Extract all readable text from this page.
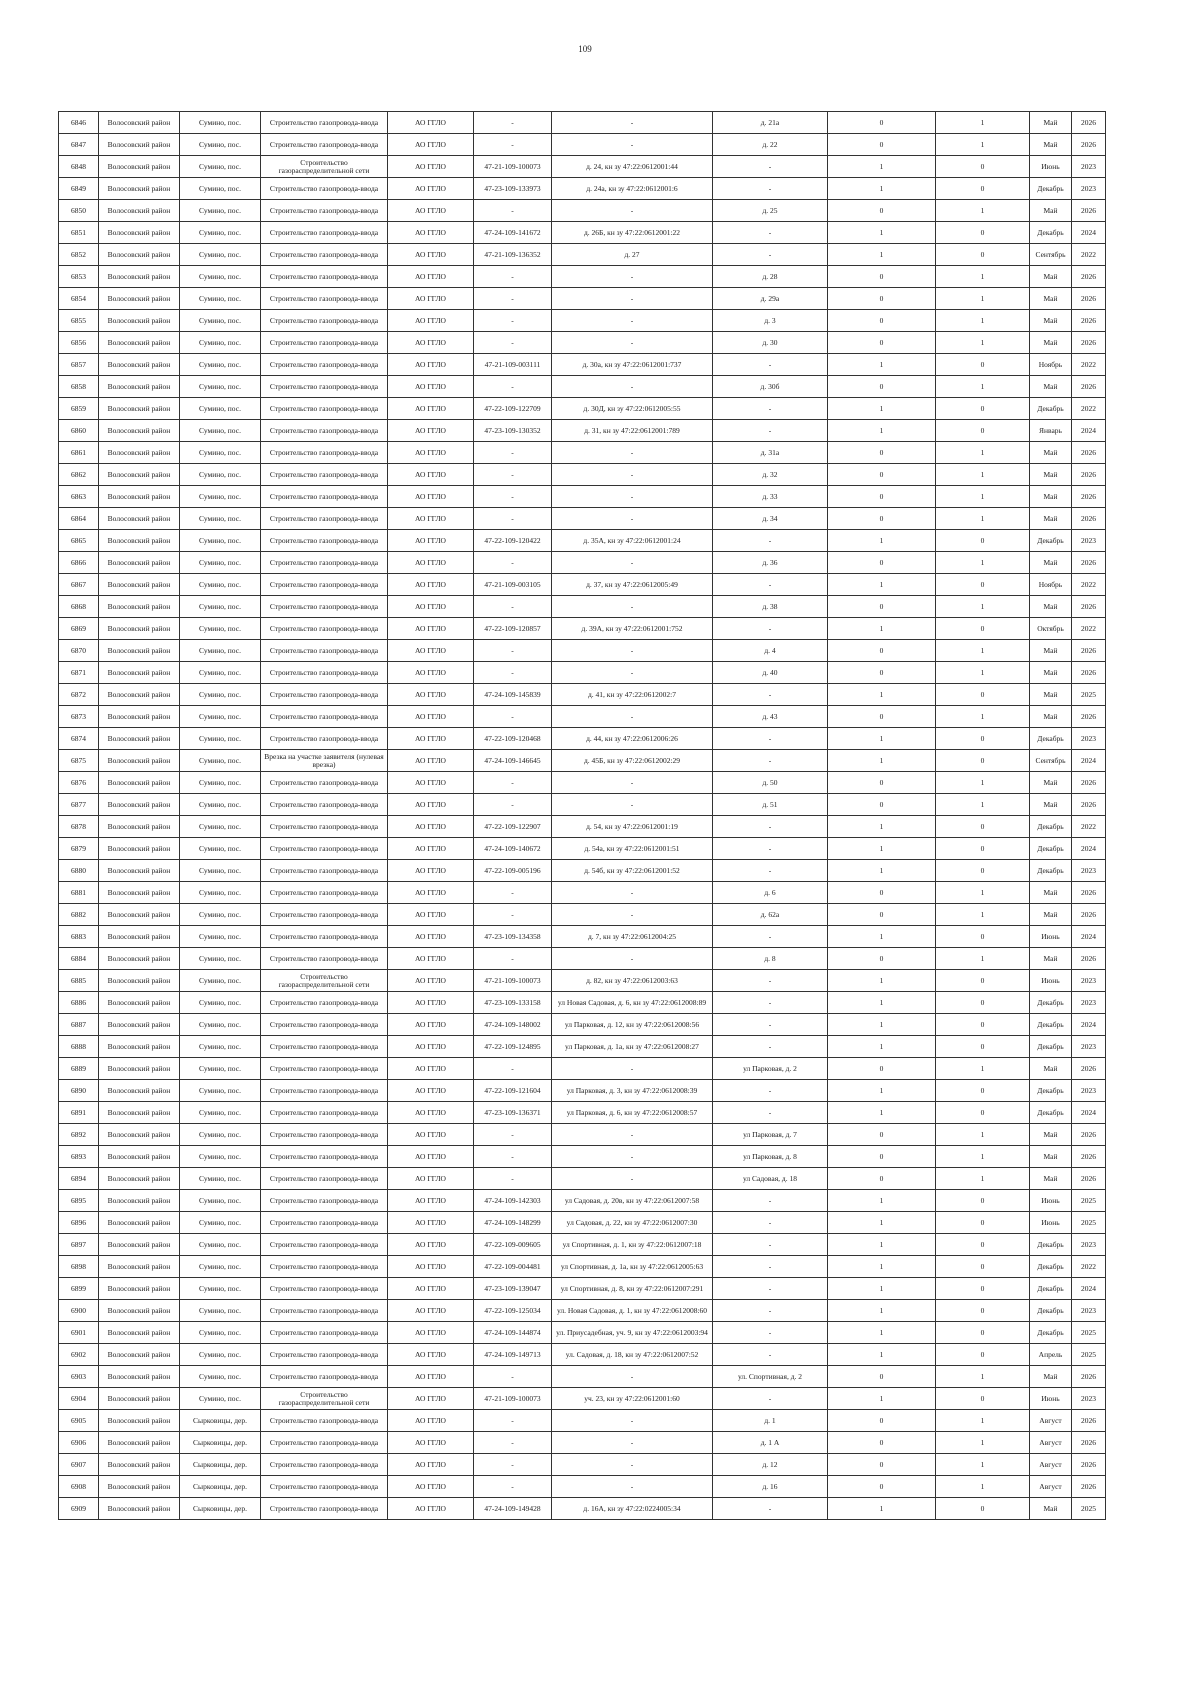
109
6846	Волосовский район	Сумино, пос.	Строительство газопровода-ввода	АО ГГЛО	-	-	д. 21а	0	1	Май	2026
6847	Волосовский район	Сумино, пос.	Строительство газопровода-ввода	АО ГГЛО	-	-	д. 22	0	1	Май	2026
6848	Волосовский район	Сумино, пос.	Строительство газораспределительной сети	АО ГГЛО	47-21-109-100073	д. 24, кн зу 47:22:0612001:44	-	1	0	Июнь	2023
6849	Волосовский район	Сумино, пос.	Строительство газопровода-ввода	АО ГГЛО	47-23-109-133973	д. 24а, кн зу 47:22:0612001:6	-	1	0	Декабрь	2023
6850	Волосовский район	Сумино, пос.	Строительство газопровода-ввода	АО ГГЛО	-	-	д. 25	0	1	Май	2026
6851	Волосовский район	Сумино, пос.	Строительство газопровода-ввода	АО ГГЛО	47-24-109-141672	д. 26Б, кн зу 47:22:0612001:22	-	1	0	Декабрь	2024
6852	Волосовский район	Сумино, пос.	Строительство газопровода-ввода	АО ГГЛО	47-21-109-136352	д. 27	-	1	0	Сентябрь	2022
6853	Волосовский район	Сумино, пос.	Строительство газопровода-ввода	АО ГГЛО	-	-	д. 28	0	1	Май	2026
6854	Волосовский район	Сумино, пос.	Строительство газопровода-ввода	АО ГГЛО	-	-	д. 29а	0	1	Май	2026
6855	Волосовский район	Сумино, пос.	Строительство газопровода-ввода	АО ГГЛО	-	-	д. 3	0	1	Май	2026
6856	Волосовский район	Сумино, пос.	Строительство газопровода-ввода	АО ГГЛО	-	-	д. 30	0	1	Май	2026
6857	Волосовский район	Сумино, пос.	Строительство газопровода-ввода	АО ГГЛО	47-21-109-003111	д. 30а, кн зу 47:22:0612001:737	-	1	0	Ноябрь	2022
6858	Волосовский район	Сумино, пос.	Строительство газопровода-ввода	АО ГГЛО	-	-	д. 30б	0	1	Май	2026
6859	Волосовский район	Сумино, пос.	Строительство газопровода-ввода	АО ГГЛО	47-22-109-122709	д. 30Д, кн зу 47:22:0612005:55	-	1	0	Декабрь	2022
6860	Волосовский район	Сумино, пос.	Строительство газопровода-ввода	АО ГГЛО	47-23-109-130352	д. 31, кн зу 47:22:0612001:789	-	1	0	Январь	2024
6861	Волосовский район	Сумино, пос.	Строительство газопровода-ввода	АО ГГЛО	-	-	д. 31а	0	1	Май	2026
6862	Волосовский район	Сумино, пос.	Строительство газопровода-ввода	АО ГГЛО	-	-	д. 32	0	1	Май	2026
6863	Волосовский район	Сумино, пос.	Строительство газопровода-ввода	АО ГГЛО	-	-	д. 33	0	1	Май	2026
6864	Волосовский район	Сумино, пос.	Строительство газопровода-ввода	АО ГГЛО	-	-	д. 34	0	1	Май	2026
6865	Волосовский район	Сумино, пос.	Строительство газопровода-ввода	АО ГГЛО	47-22-109-120422	д. 35А, кн зу 47:22:0612001:24	-	1	0	Декабрь	2023
6866	Волосовский район	Сумино, пос.	Строительство газопровода-ввода	АО ГГЛО	-	-	д. 36	0	1	Май	2026
6867	Волосовский район	Сумино, пос.	Строительство газопровода-ввода	АО ГГЛО	47-21-109-003105	д. 37, кн зу 47:22:0612005:49	-	1	0	Ноябрь	2022
6868	Волосовский район	Сумино, пос.	Строительство газопровода-ввода	АО ГГЛО	-	-	д. 38	0	1	Май	2026
6869	Волосовский район	Сумино, пос.	Строительство газопровода-ввода	АО ГГЛО	47-22-109-120857	д. 39А, кн зу 47:22:0612001:752	-	1	0	Октябрь	2022
6870	Волосовский район	Сумино, пос.	Строительство газопровода-ввода	АО ГГЛО	-	-	д. 4	0	1	Май	2026
6871	Волосовский район	Сумино, пос.	Строительство газопровода-ввода	АО ГГЛО	-	-	д. 40	0	1	Май	2026
6872	Волосовский район	Сумино, пос.	Строительство газопровода-ввода	АО ГГЛО	47-24-109-145839	д. 41, кн зу 47:22:0612002:7	-	1	0	Май	2025
6873	Волосовский район	Сумино, пос.	Строительство газопровода-ввода	АО ГГЛО	-	-	д. 43	0	1	Май	2026
6874	Волосовский район	Сумино, пос.	Строительство газопровода-ввода	АО ГГЛО	47-22-109-120468	д. 44, кн зу 47:22:0612006:26	-	1	0	Декабрь	2023
6875	Волосовский район	Сумино, пос.	Врезка на участке заявителя (нулевая врезка)	АО ГГЛО	47-24-109-146645	д. 45Б, кн зу 47:22:0612002:29	-	1	0	Сентябрь	2024
6876	Волосовский район	Сумино, пос.	Строительство газопровода-ввода	АО ГГЛО	-	-	д. 50	0	1	Май	2026
6877	Волосовский район	Сумино, пос.	Строительство газопровода-ввода	АО ГГЛО	-	-	д. 51	0	1	Май	2026
6878	Волосовский район	Сумино, пос.	Строительство газопровода-ввода	АО ГГЛО	47-22-109-122907	д. 54, кн зу 47:22:0612001:19	-	1	0	Декабрь	2022
6879	Волосовский район	Сумино, пос.	Строительство газопровода-ввода	АО ГГЛО	47-24-109-140672	д. 54а, кн зу 47:22:0612001:51	-	1	0	Декабрь	2024
6880	Волосовский район	Сумино, пос.	Строительство газопровода-ввода	АО ГГЛО	47-22-109-005196	д. 54б, кн зу 47:22:0612001:52	-	1	0	Декабрь	2023
6881	Волосовский район	Сумино, пос.	Строительство газопровода-ввода	АО ГГЛО	-	-	д. 6	0	1	Май	2026
6882	Волосовский район	Сумино, пос.	Строительство газопровода-ввода	АО ГГЛО	-	-	д. 62а	0	1	Май	2026
6883	Волосовский район	Сумино, пос.	Строительство газопровода-ввода	АО ГГЛО	47-23-109-134358	д. 7, кн зу 47:22:0612004:25	-	1	0	Июнь	2024
6884	Волосовский район	Сумино, пос.	Строительство газопровода-ввода	АО ГГЛО	-	-	д. 8	0	1	Май	2026
6885	Волосовский район	Сумино, пос.	Строительство газораспределительной сети	АО ГГЛО	47-21-109-100073	д. 82, кн зу 47:22:0612003:63	-	1	0	Июнь	2023
6886	Волосовский район	Сумино, пос.	Строительство газопровода-ввода	АО ГГЛО	47-23-109-133158	ул Новая Садовая, д. 6, кн зу 47:22:0612008:89	-	1	0	Декабрь	2023
6887	Волосовский район	Сумино, пос.	Строительство газопровода-ввода	АО ГГЛО	47-24-109-148002	ул Парковая, д. 12, кн зу 47:22:0612008:56	-	1	0	Декабрь	2024
6888	Волосовский район	Сумино, пос.	Строительство газопровода-ввода	АО ГГЛО	47-22-109-124895	ул Парковая, д. 1а, кн зу 47:22:0612008:27	-	1	0	Декабрь	2023
6889	Волосовский район	Сумино, пос.	Строительство газопровода-ввода	АО ГГЛО	-	-	ул Парковая, д. 2	0	1	Май	2026
6890	Волосовский район	Сумино, пос.	Строительство газопровода-ввода	АО ГГЛО	47-22-109-121604	ул Парковая, д. 3, кн зу 47:22:0612008:39	-	1	0	Декабрь	2023
6891	Волосовский район	Сумино, пос.	Строительство газопровода-ввода	АО ГГЛО	47-23-109-136371	ул Парковая, д. 6, кн зу 47:22:0612008:57	-	1	0	Декабрь	2024
6892	Волосовский район	Сумино, пос.	Строительство газопровода-ввода	АО ГГЛО	-	-	ул Парковая, д. 7	0	1	Май	2026
6893	Волосовский район	Сумино, пос.	Строительство газопровода-ввода	АО ГГЛО	-	-	ул Парковая, д. 8	0	1	Май	2026
6894	Волосовский район	Сумино, пос.	Строительство газопровода-ввода	АО ГГЛО	-	-	ул Садовая, д. 18	0	1	Май	2026
6895	Волосовский район	Сумино, пос.	Строительство газопровода-ввода	АО ГГЛО	47-24-109-142303	ул Садовая, д. 20в, кн зу 47:22:0612007:58	-	1	0	Июнь	2025
6896	Волосовский район	Сумино, пос.	Строительство газопровода-ввода	АО ГГЛО	47-24-109-148299	ул Садовая, д. 22, кн зу 47:22:0612007:30	-	1	0	Июнь	2025
6897	Волосовский район	Сумино, пос.	Строительство газопровода-ввода	АО ГГЛО	47-22-109-009605	ул Спортивная, д. 1, кн зу 47:22:0612007:18	-	1	0	Декабрь	2023
6898	Волосовский район	Сумино, пос.	Строительство газопровода-ввода	АО ГГЛО	47-22-109-004481	ул Спортивная, д. 1а, кн зу 47:22:0612005:63	-	1	0	Декабрь	2022
6899	Волосовский район	Сумино, пос.	Строительство газопровода-ввода	АО ГГЛО	47-23-109-139047	ул Спортивная, д. 8, кн зу 47:22:0612007:291	-	1	0	Декабрь	2024
6900	Волосовский район	Сумино, пос.	Строительство газопровода-ввода	АО ГГЛО	47-22-109-125034	ул. Новая Садовая, д. 1, кн зу 47:22:0612008:60	-	1	0	Декабрь	2023
6901	Волосовский район	Сумино, пос.	Строительство газопровода-ввода	АО ГГЛО	47-24-109-144874	ул. Приусадебная, уч. 9, кн зу 47:22:0612003:94	-	1	0	Декабрь	2025
6902	Волосовский район	Сумино, пос.	Строительство газопровода-ввода	АО ГГЛО	47-24-109-149713	ул. Садовая, д. 18, кн зу 47:22:0612007:52	-	1	0	Апрель	2025
6903	Волосовский район	Сумино, пос.	Строительство газопровода-ввода	АО ГГЛО	-	-	ул. Спортивная, д. 2	0	1	Май	2026
6904	Волосовский район	Сумино, пос.	Строительство газораспределительной сети	АО ГГЛО	47-21-109-100073	уч. 23, кн зу 47:22:0612001:60	-	1	0	Июнь	2023
6905	Волосовский район	Сырковицы, дер.	Строительство газопровода-ввода	АО ГГЛО	-	-	д. 1	0	1	Август	2026
6906	Волосовский район	Сырковицы, дер.	Строительство газопровода-ввода	АО ГГЛО	-	-	д. 1 А	0	1	Август	2026
6907	Волосовский район	Сырковицы, дер.	Строительство газопровода-ввода	АО ГГЛО	-	-	д. 12	0	1	Август	2026
6908	Волосовский район	Сырковицы, дер.	Строительство газопровода-ввода	АО ГГЛО	-	-	д. 16	0	1	Август	2026
6909	Волосовский район	Сырковицы, дер.	Строительство газопровода-ввода	АО ГГЛО	47-24-109-149428	д. 16А, кн зу 47:22:0224005:34	-	1	0	Май	2025
